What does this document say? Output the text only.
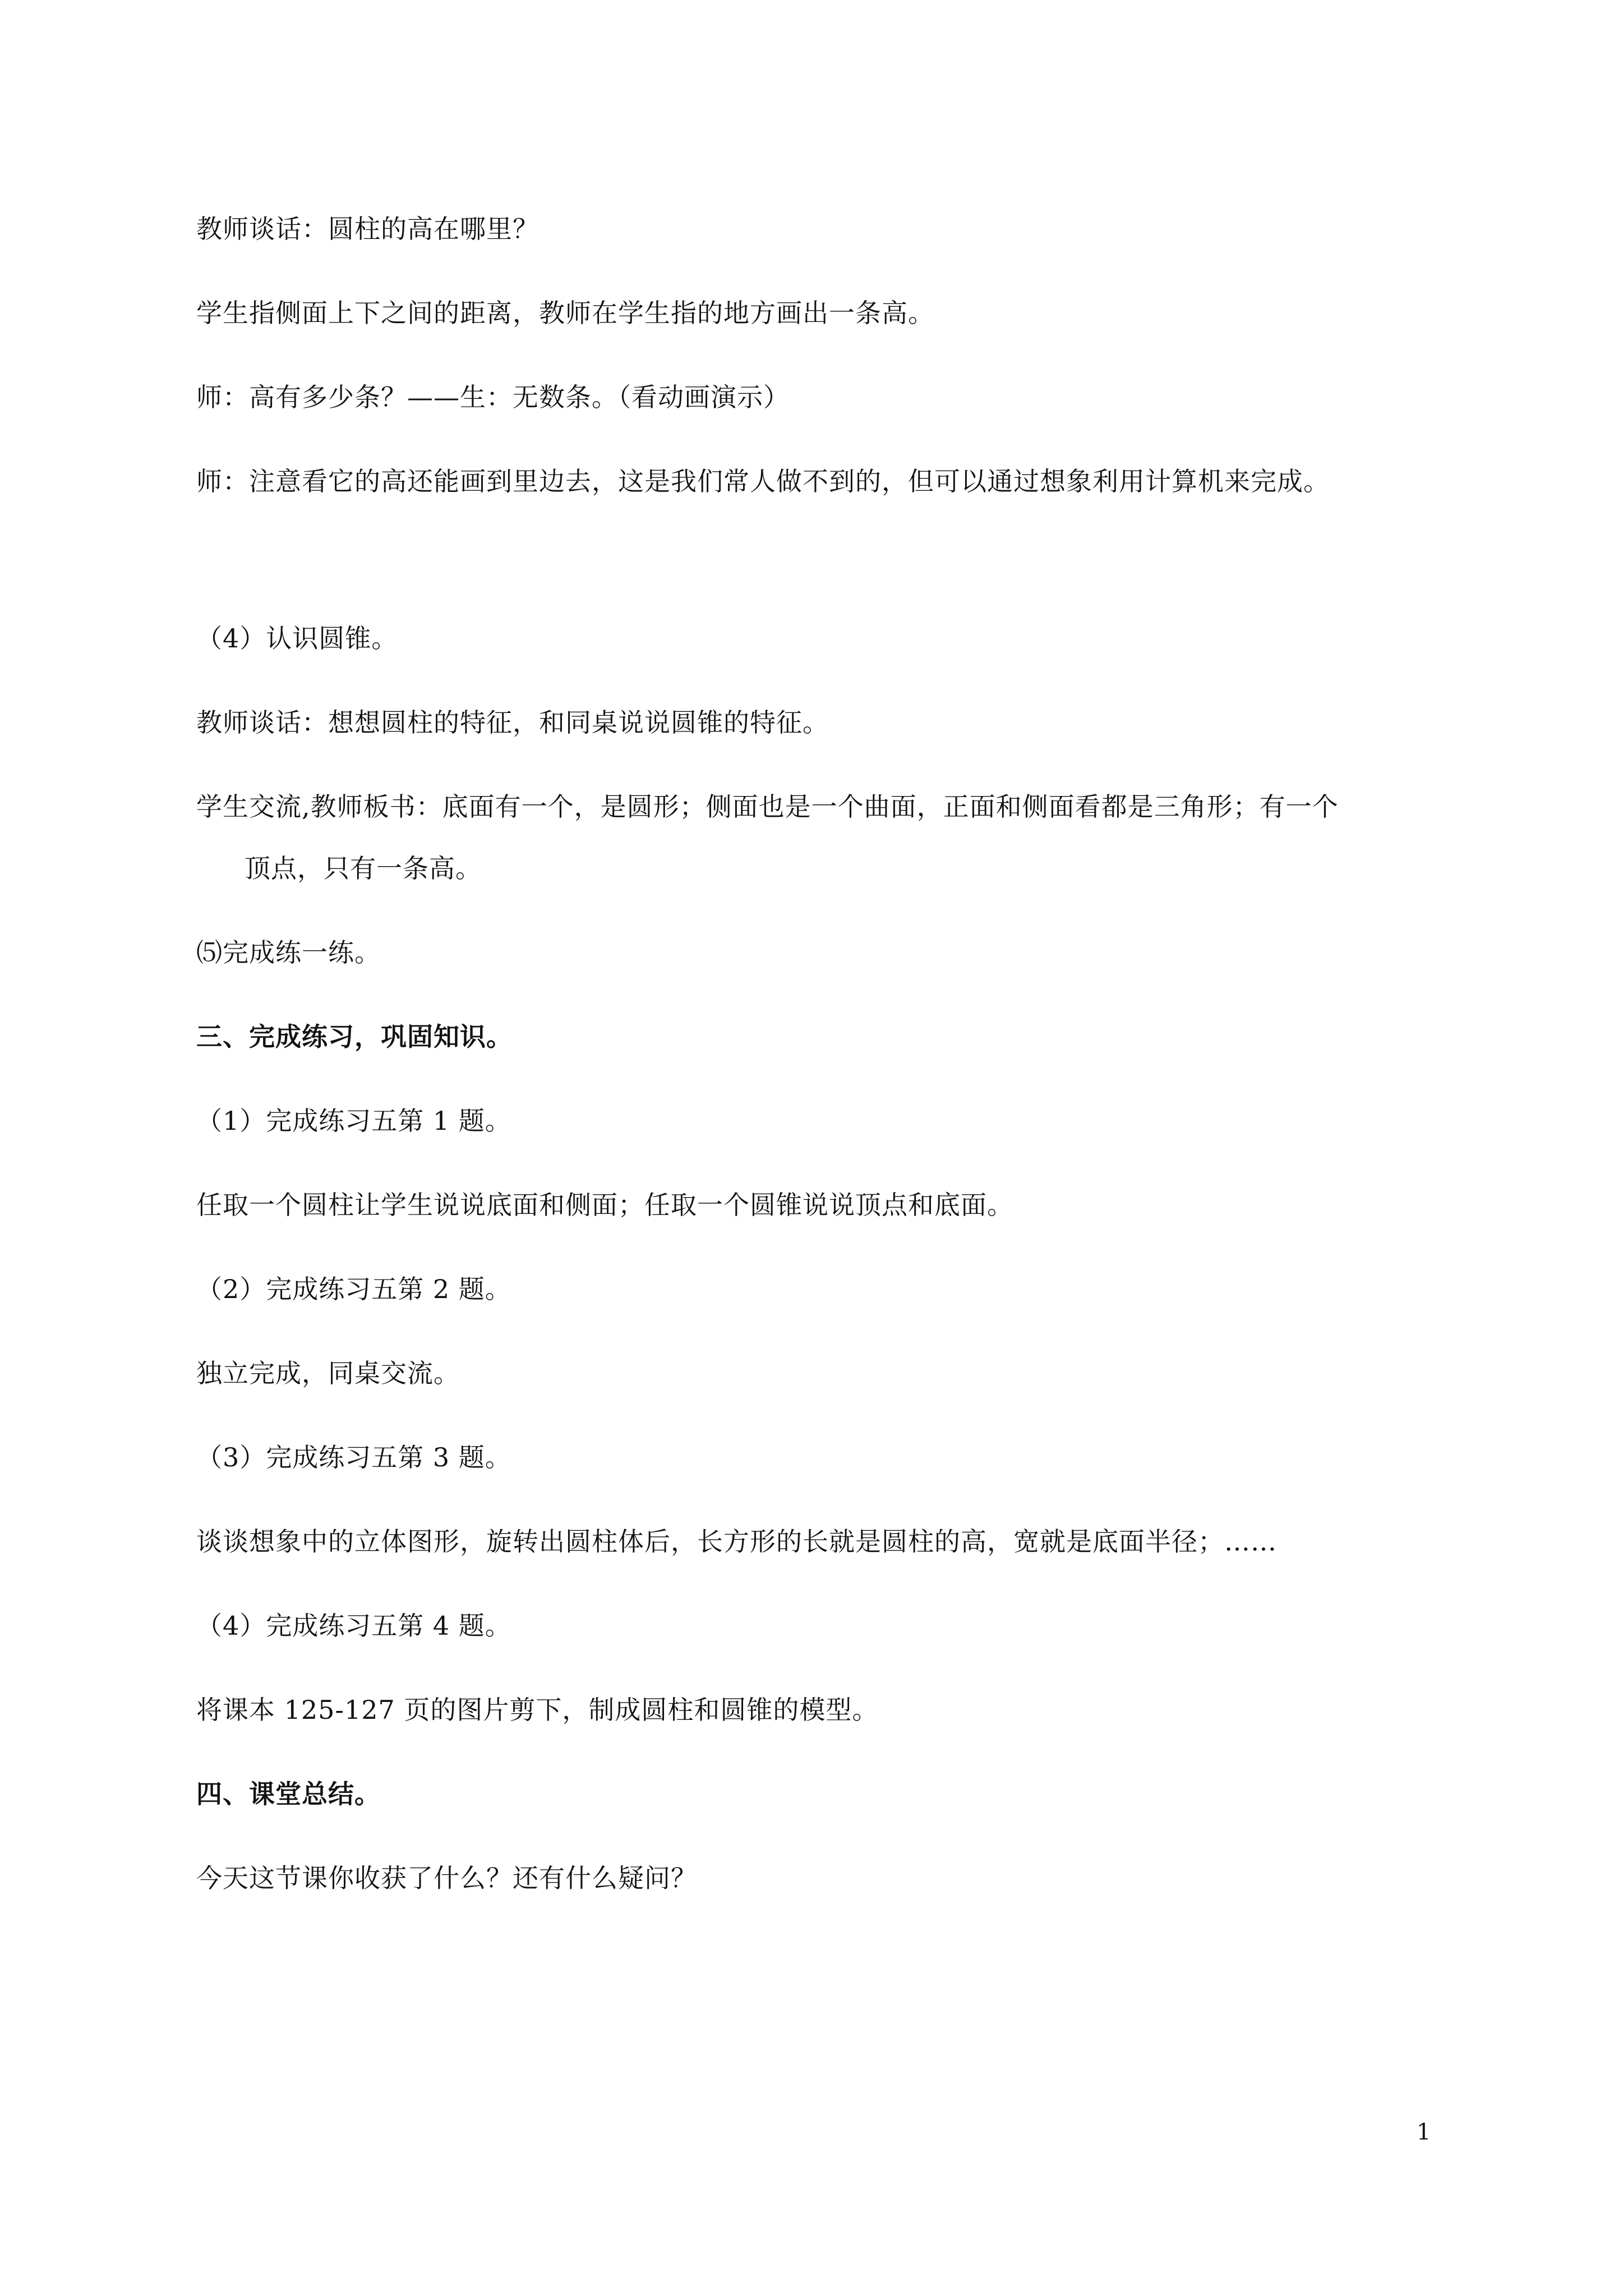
教师谈话：圆柱的高在哪里？
学生指侧面上下之间的距离，教师在学生指的地方画出一条高。
师：高有多少条？——生：无数条。（看动画演示）
师：注意看它的高还能画到里边去，这是我们常人做不到的，但可以通过想象利用计算机来完成。
（4）认识圆锥。
教师谈话：想想圆柱的特征，和同桌说说圆锥的特征。
学生交流,教师板书：底面有一个，是圆形；侧面也是一个曲面，正面和侧面看都是三角形；有一个
顶点，只有一条高。
⑸完成练一练。
三、完成练习，巩固知识。
（1）完成练习五第 1 题。
任取一个圆柱让学生说说底面和侧面；任取一个圆锥说说顶点和底面。
（2）完成练习五第 2 题。
独立完成，同桌交流。
（3）完成练习五第 3 题。
谈谈想象中的立体图形，旋转出圆柱体后，长方形的长就是圆柱的高，宽就是底面半径；……
（4）完成练习五第 4 题。
将课本 125-127 页的图片剪下，制成圆柱和圆锥的模型。
四、课堂总结。
今天这节课你收获了什么？还有什么疑问？
1
